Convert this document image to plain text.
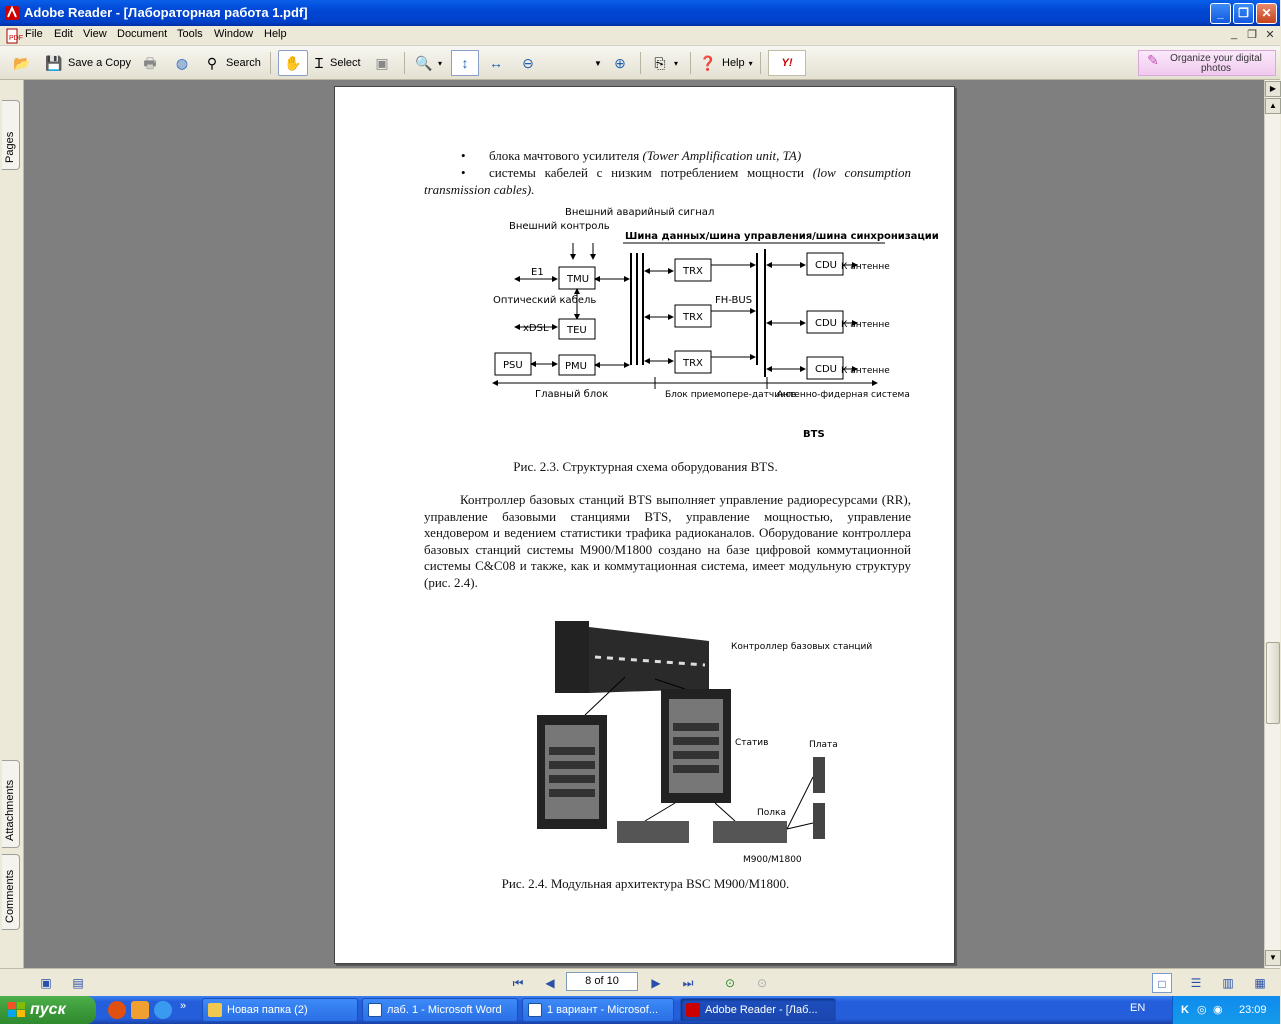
Adobe Reader - [Лабораторная работа 1.pdf]	_	❐	✕
PDF File Edit View Document Tools Window Help	_ ❐ ✕
📂 💾 Save a Copy 🖶 ◍	⚲ Search ✋ Ɪ Select ▣ 🔍 ▾	↕	↔ ⊖	▼ ⊕	⎘	▾ ❓ Help ▾	Y!	✎	Organize your digital photos
Pages
Attachments
Comments
• блока мачтового усилителя (Tower Amplification unit, TA)
•	системы кабелей с низким потреблением мощности (low consumption transmission cables).
Внешний контроль
Внешний аварийный сигнал
Шина данных/шина управления/шина синхронизации
E1
TMU
Оптический кабель
xDSL TEU
PSU	PMU
TRX
TRX
TRX
FH-BUS
CDU
CDU
CDU
К антенне
К антенне
К антенне
Главный блок	Блок приемопере-датчиков
Антенно-фидерная система
BTS
Рис. 2.3. Структурная схема оборудования BTS.
Контроллер базовых станций BTS выполняет управление радиоресурсами (RR), управление базовыми станциями BTS, управление мощностью, управление хендовером и ведением статистики трафика радиоканалов. Оборудование контроллера базовых станций системы M900/M1800 создано на базе цифровой коммутационной системы C&C08 и также, как и коммутационная система, имеет модульную структуру (рис. 2.4).
Контроллер базовых станций
Статив	Плата
Полка
M900/M1800
Рис. 2.4. Модульная архитектура BSC M900/M1800.
▶
▲
▼
▣	▤	⏮	◀	▶	⏭	⊙	⊙	□	☰	▥	▦
8 of 10
пуск	»	Новая папка (2)	лаб. 1 - Microsoft Word	1 вариант - Microsof...	Adobe Reader - [Лаб...	EN	K ◎ ◉ 23:09
